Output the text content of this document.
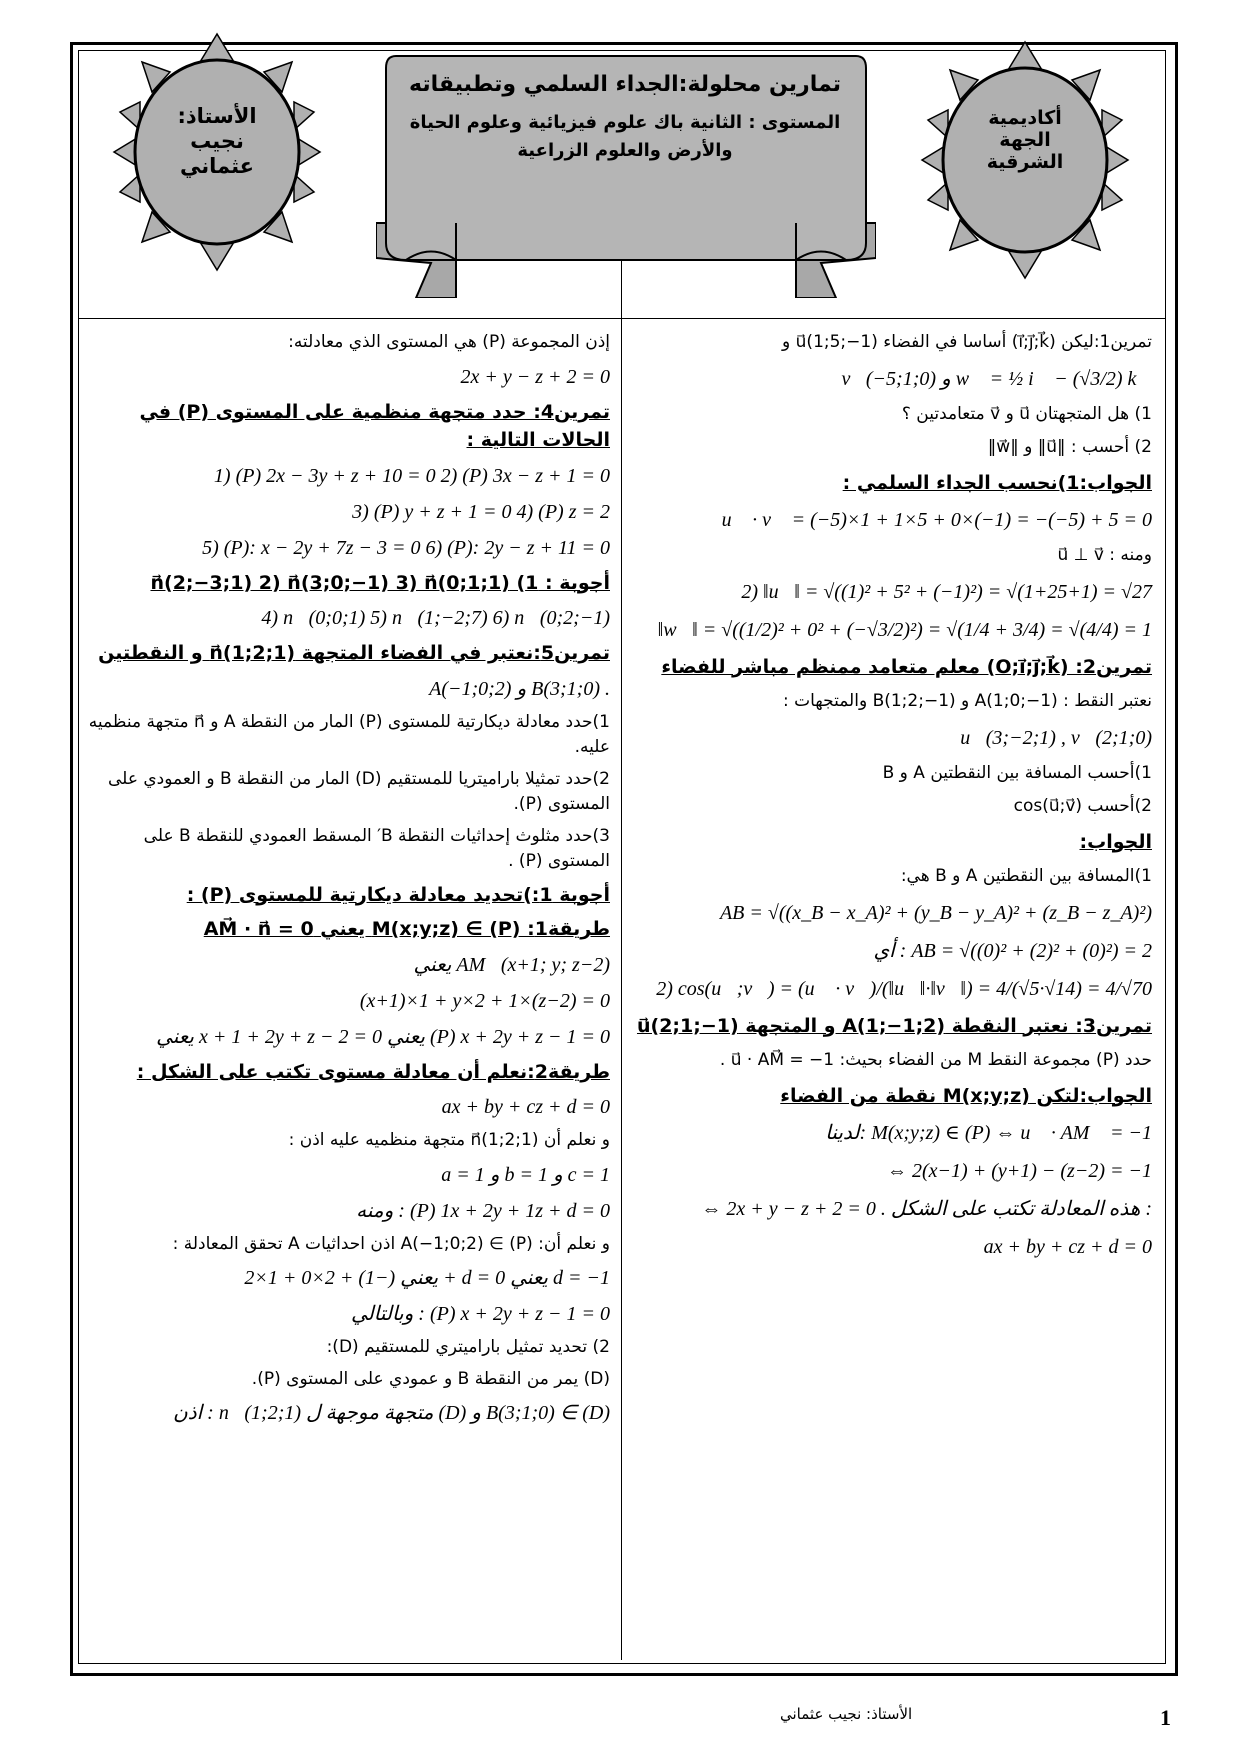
أكاديمية
الجهة
الشرقية
الأستاذ:
نجيب
عثماني
تمارين محلولة:الجداء السلمي وتطبيقاته
المستوى : الثانية باك علوم فيزيائية وعلوم الحياة
والأرض والعلوم الزراعية
تمرين1:ليكن (i⃗;j⃗;k⃗) أساسا في الفضاء u⃗(1;5;−1) و
v⃗(−5;1;0) و w⃗ = ½ i⃗ − (√3/2) k⃗
1) هل المتجهتان u⃗ و v⃗ متعامدتين ؟
2) أحسب : ‖u⃗‖ و ‖w⃗‖
الجواب:1)نحسب الجداء السلمي :
u⃗ · v⃗ = (−5)×1 + 1×5 + 0×(−1) = −(−5) + 5 = 0
ومنه : u⃗ ⊥ v⃗
2) ‖u⃗‖ = √((1)² + 5² + (−1)²) = √(1+25+1) = √27
‖w⃗‖ = √((1/2)² + 0² + (−√3/2)²) = √(1/4 + 3/4) = √(4/4) = 1
تمرين2: (O;i⃗;j⃗;k⃗) معلم متعامد ممنظم مباشر للفضاء
نعتبر النقط : A(1;0;−1) و B(1;2;−1) والمتجهات :
u⃗(3;−2;1) , v⃗(2;1;0)
1)أحسب المسافة بين النقطتين A و B
2)أحسب cos(u⃗;v⃗)
الجواب:
1)المسافة بين النقطتين A و B هي:
AB = √((x_B − x_A)² + (y_B − y_A)² + (z_B − z_A)²)
أي : AB = √((0)² + (2)² + (0)²) = 2
2) cos(u⃗;v⃗) = (u⃗ · v⃗)/(‖u⃗‖·‖v⃗‖) = 4/(√5·√14) = 4/√70
تمرين3: نعتبر النقطة A(1;−1;2) و المتجهة u⃗(2;1;−1)
حدد (P) مجموعة النقط M من الفضاء بحيث: u⃗ · AM⃗ = −1 .
الجواب:لتكن M(x;y;z) نقطة من الفضاء
لدينا: M(x;y;z) ∈ (P) ⇔ u⃗ · AM⃗ = −1
⇔ 2(x−1) + (y+1) − (z−2) = −1
⇔ 2x + y − z + 2 = 0 . هذه المعادلة تكتب على الشكل :
ax + by + cz + d = 0
إذن المجموعة (P) هي المستوى الذي معادلته:
2x + y − z + 2 = 0
تمرين4: حدد متجهة منظمية على المستوى (P) في الحالات التالية :
1) (P) 2x − 3y + z + 10 = 0 2) (P) 3x − z + 1 = 0
3) (P) y + z + 1 = 0 4) (P) z = 2
5) (P): x − 2y + 7z − 3 = 0 6) (P): 2y − z + 11 = 0
أجوبة : 1) n⃗(2;−3;1) 2) n⃗(3;0;−1) 3) n⃗(0;1;1)
4) n⃗(0;0;1) 5) n⃗(1;−2;7) 6) n⃗(0;2;−1)
تمرين5:نعتبر في الفضاء المتجهة n⃗(1;2;1) و النقطتين
A(−1;0;2) و B(3;1;0) .
1)حدد معادلة ديكارتية للمستوى (P) المار من النقطة A و n⃗ متجهة منظميه عليه.
2)حدد تمثيلا باراميتريا للمستقيم (D) المار من النقطة B و العمودي على المستوى (P).
3)حدد مثلوث إحداثيات النقطة B′ المسقط العمودي للنقطة B على المستوى (P) .
أجوبة 1:)تحديد معادلة ديكارتية للمستوى (P) :
طريقة1: M(x;y;z) ∈ (P) يعني AM⃗ · n⃗ = 0
يعني AM⃗(x+1; y; z−2)
(x+1)×1 + y×2 + 1×(z−2) = 0
يعني x + 1 + 2y + z − 2 = 0 يعني (P) x + 2y + z − 1 = 0
طريقة2:نعلم أن معادلة مستوى تكتب على الشكل :
ax + by + cz + d = 0
و نعلم أن n⃗(1;2;1) متجهة منظميه عليه اذن :
a = 1 و b = 1 و c = 1
ومنه : (P) 1x + 2y + 1z + d = 0
و نعلم أن: A(−1;0;2) ∈ (P) اذن احداثيات A تحقق المعادلة :
يعني (−1) + 2×0 + 1×2 + d = 0 يعني d = −1
وبالتالي : (P) x + 2y + z − 1 = 0
2) تحديد تمثيل باراميتري للمستقيم (D):
(D) يمر من النقطة B و عمودي على المستوى (P).
اذن : n⃗(1;2;1) متجهة موجهة ل (D) و B(3;1;0) ∈ (D)
1
الأستاذ: نجيب عثماني
